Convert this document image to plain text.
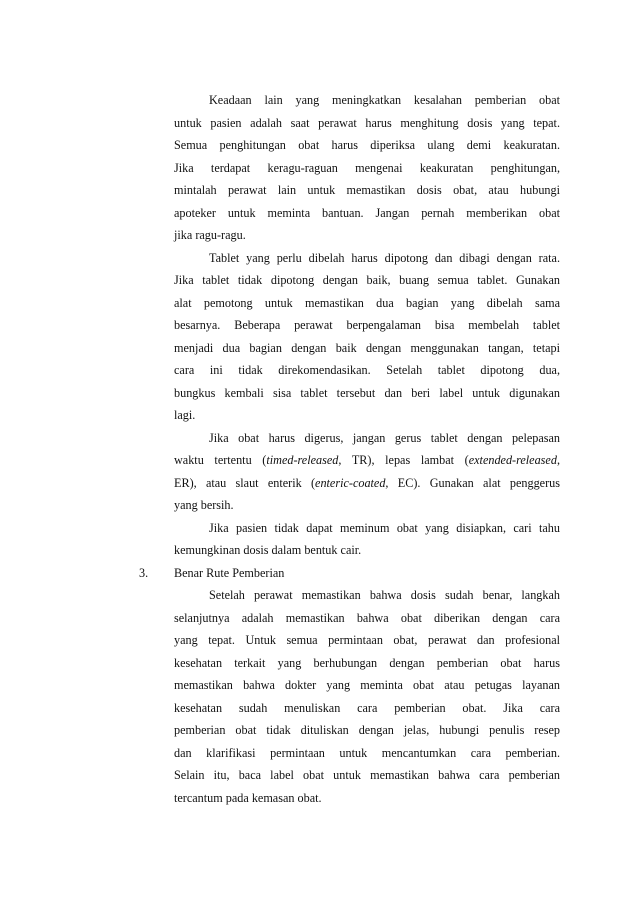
Keadaan lain yang meningkatkan kesalahan pemberian obat
untuk pasien adalah saat perawat harus menghitung dosis yang tepat.
Semua penghitungan obat harus diperiksa ulang demi keakuratan.
Jika terdapat keragu-raguan mengenai keakuratan penghitungan,
mintalah perawat lain untuk memastikan dosis obat, atau hubungi
apoteker untuk meminta bantuan. Jangan pernah memberikan obat
jika ragu-ragu.
Tablet yang perlu dibelah harus dipotong dan dibagi dengan rata.
Jika tablet tidak dipotong dengan baik, buang semua tablet. Gunakan
alat pemotong untuk memastikan dua bagian yang dibelah sama
besarnya. Beberapa perawat berpengalaman bisa membelah tablet
menjadi dua bagian dengan baik dengan menggunakan tangan, tetapi
cara ini tidak direkomendasikan. Setelah tablet dipotong dua,
bungkus kembali sisa tablet tersebut dan beri label untuk digunakan
lagi.
Jika obat harus digerus, jangan gerus tablet dengan pelepasan
waktu tertentu (timed-released, TR), lepas lambat (extended-released,
ER), atau slaut enterik (enteric-coated, EC). Gunakan alat penggerus
yang bersih.
Jika pasien tidak dapat meminum obat yang disiapkan, cari tahu
kemungkinan dosis dalam bentuk cair.
3. Benar Rute Pemberian
Setelah perawat memastikan bahwa dosis sudah benar, langkah
selanjutnya adalah memastikan bahwa obat diberikan dengan cara
yang tepat. Untuk semua permintaan obat, perawat dan profesional
kesehatan terkait yang berhubungan dengan pemberian obat harus
memastikan bahwa dokter yang meminta obat atau petugas layanan
kesehatan sudah menuliskan cara pemberian obat. Jika cara
pemberian obat tidak dituliskan dengan jelas, hubungi penulis resep
dan klarifikasi permintaan untuk mencantumkan cara pemberian.
Selain itu, baca label obat untuk memastikan bahwa cara pemberian
tercantum pada kemasan obat.
